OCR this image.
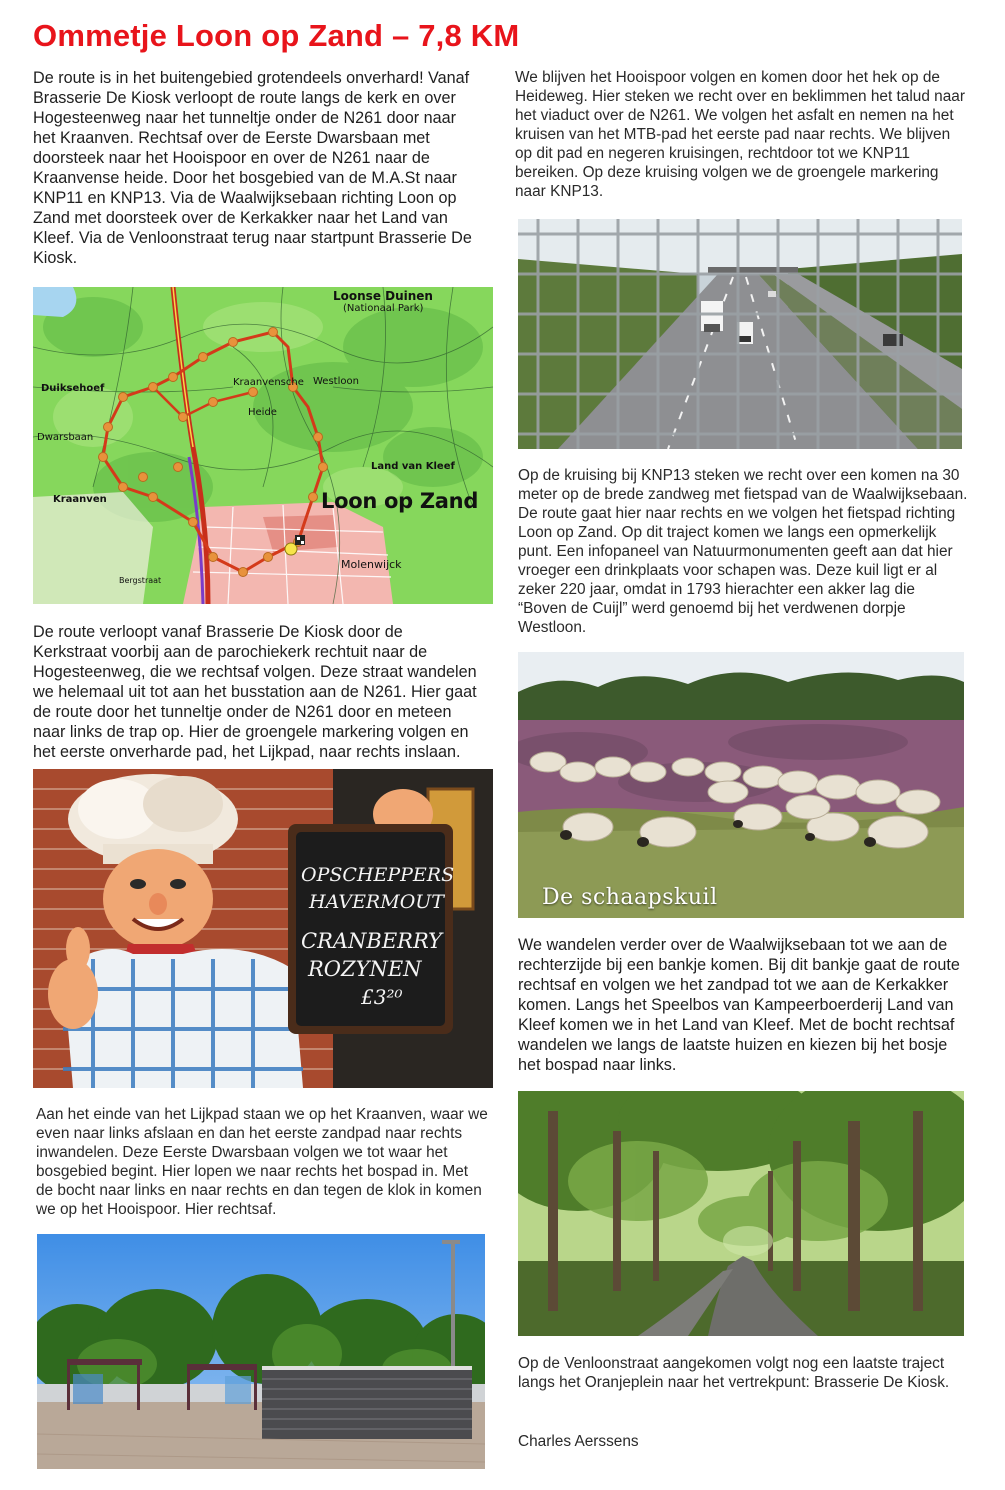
Ommetje Loon op Zand – 7,8 KM

De route is in het buitengebied grotendeels onverhard! Vanaf Brasserie De Kiosk verloopt de route langs de kerk en over Hogesteenweg naar het tunneltje onder de N261 door naar het Kraanven. Rechtsaf over de Eerste Dwarsbaan met doorsteek naar het Hooispoor en over de N261 naar de Kraanvense heide. Door het bosgebied van de M.A.St naar KNP11 en KNP13. Via de Waalwijksebaan richting Loon op Zand met doorsteek over de Kerkakker naar het Land van Kleef. Via de Venloonstraat terug naar startpunt Brasserie De Kiosk.

Loonse Duinen
(Nationaal Park)
Duiksehoef
Dwarsbaan
Kraanven
Westloon
Kraanvensche
Heide
Land van Kleef
Loon op Zand
Molenwijck
Bergstraat

De route verloopt vanaf Brasserie De Kiosk door de Kerkstraat voorbij aan de parochiekerk rechtuit naar de Hogesteenweg, die we rechtsaf volgen. Deze straat wandelen we helemaal uit tot aan het busstation aan de N261. Hier gaat de route door het tunneltje onder de N261 door en meteen naar links de trap op. Hier de groengele markering volgen en het eerste onverharde pad, het Lijkpad, naar rechts inslaan.

OPSCHEPPERS
HAVERMOUT
CRANBERRY
ROZYNEN
£3²⁰

Aan het einde van het Lijkpad staan we op het Kraanven, waar we even naar links afslaan en dan het eerste zandpad naar rechts inwandelen. Deze Eerste Dwarsbaan volgen we tot waar het bosgebied begint. Hier lopen we naar rechts het bospad in. Met de bocht naar links en naar rechts en dan tegen de klok in komen we op het Hooispoor. Hier rechtsaf.

We blijven het Hooispoor volgen en komen door het hek op de Heideweg. Hier steken we recht over en beklimmen het talud naar het viaduct over de N261. We volgen het asfalt en nemen na het kruisen van het MTB-pad het eerste pad naar rechts. We blijven op dit pad en negeren kruisingen, rechtdoor tot we KNP11 bereiken. Op deze kruising volgen we de groengele markering naar KNP13.

Op de kruising bij KNP13 steken we recht over een komen na 30 meter op de brede zandweg met fietspad van de Waalwijksebaan. De route gaat hier naar rechts en we volgen het fietspad richting Loon op Zand. Op dit traject komen we langs een opmerkelijk punt. Een infopaneel van Natuurmonumenten geeft aan dat hier vroeger een drinkplaats voor schapen was. Deze kuil ligt er al zeker 220 jaar, omdat in 1793 hierachter een akker lag die “Boven de Cuijl” werd genoemd bij het verdwenen dorpje Westloon.

De schaapskuil

We wandelen verder over de Waalwijksebaan tot we aan de rechterzijde bij een bankje komen. Bij dit bankje gaat de route rechtsaf en volgen we het zandpad tot we aan de Kerkakker komen. Langs het Speelbos van Kampeerboerderij Land van Kleef komen we in het Land van Kleef. Met de bocht rechtsaf wandelen we langs de laatste huizen en kiezen bij het bosje het bospad naar links.

Op de Venloonstraat aangekomen volgt nog een laatste traject langs het Oranjeplein naar het vertrekpunt: Brasserie De Kiosk.

Charles Aerssens
